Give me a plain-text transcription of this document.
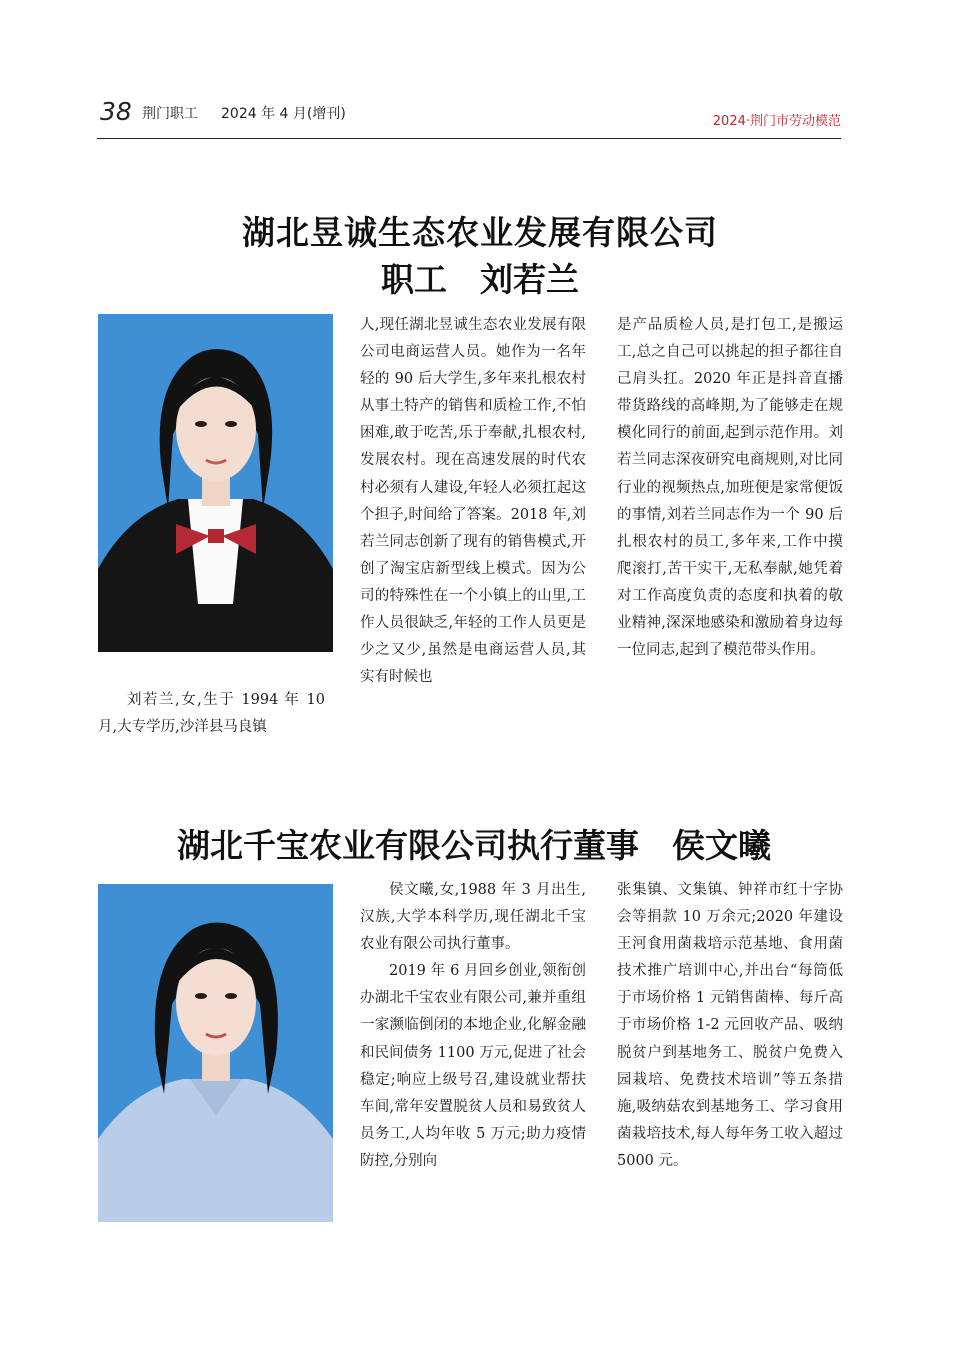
38 荆门职工 2024 年 4 月(增刊)	2024·荆门市劳动模范
湖北昱诚生态农业发展有限公司
职工　刘若兰

人,现任湖北昱诚生态农业发展有限公司电商运营人员。她作为一名年轻的 90 后大学生,多年来扎根农村从事土特产的销售和质检工作,不怕困难,敢于吃苦,乐于奉献,扎根农村,发展农村。现在高速发展的时代农村必须有人建设,年轻人必须扛起这个担子,时间给了答案。2018 年,刘若兰同志创新了现有的销售模式,开创了淘宝店新型线上模式。因为公司的特殊性在一个小镇上的山里,工作人员很缺乏,年轻的工作人员更是少之又少,虽然是电商运营人员,其实有时候也

是产品质检人员,是打包工,是搬运工,总之自己可以挑起的担子都往自己肩头扛。2020 年正是抖音直播带货路线的高峰期,为了能够走在规模化同行的前面,起到示范作用。刘若兰同志深夜研究电商规则,对比同行业的视频热点,加班便是家常便饭的事情,刘若兰同志作为一个 90 后扎根农村的员工,多年来,工作中摸爬滚打,苦干实干,无私奉献,她凭着对工作高度负责的态度和执着的敬业精神,深深地感染和激励着身边每一位同志,起到了模范带头作用。

刘若兰,女,生于 1994 年 10 月,大专学历,沙洋县马良镇

湖北千宝农业有限公司执行董事　侯文曦

侯文曦,女,1988 年 3 月出生,汉族,大学本科学历,现任湖北千宝农业有限公司执行董事。

2019 年 6 月回乡创业,领衔创办湖北千宝农业有限公司,兼并重组一家濒临倒闭的本地企业,化解金融和民间债务 1100 万元,促进了社会稳定;响应上级号召,建设就业帮扶车间,常年安置脱贫人员和易致贫人员务工,人均年收 5 万元;助力疫情防控,分别向

张集镇、文集镇、钟祥市红十字协会等捐款 10 万余元;2020 年建设王河食用菌栽培示范基地、食用菌技术推广培训中心,并出台“每筒低于市场价格 1 元销售菌棒、每斤高于市场价格 1-2 元回收产品、吸纳脱贫户到基地务工、脱贫户免费入园栽培、免费技术培训”等五条措施,吸纳菇农到基地务工、学习食用菌栽培技术,每人每年务工收入超过 5000 元。
